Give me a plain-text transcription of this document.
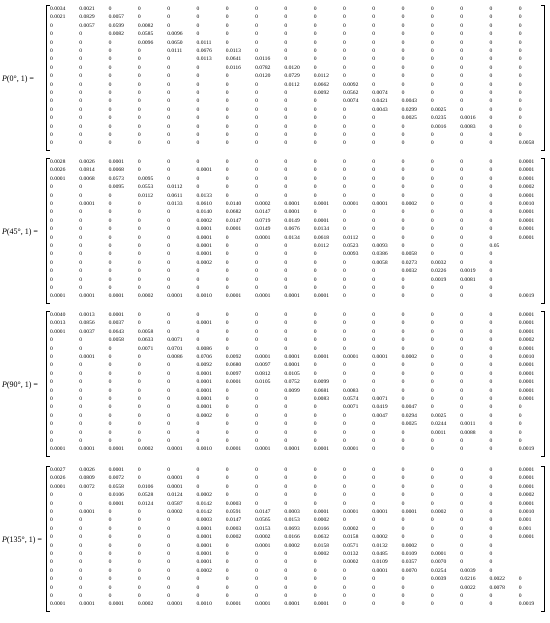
P(0°, 1) =
0.0034 0.0021 0	0	0	0	0	0	0	0	0	0	0	0	0	0	0
0.0021 0.0829 0.0057 0	0	0	0	0	0	0	0	0	0	0	0	0	0
0	0.0057 0.0599 0.0082 0	0	0	0	0	0	0	0	0	0	0	0	0
0	0	0.0082 0.0585 0.0096 0	0	0	0	0	0	0	0	0	0	0	0
0	0	0	0.0096 0.0650 0.0111	0	0	0	0	0	0	0	0	0	0	0
0	0	0	0	0.0111	0.0676 0.0113	0	0	0	0	0	0	0	0	0	0
0	0	0	0	0	0.0113	0.0641 0.0116	0	0	0	0	0	0	0	0	0
0	0	0	0	0	0	0.0116	0.0782 0.0120 0	0	0	0	0	0	0	0
0	0	0	0	0	0	0	0.0120 0.0729 0.0112	0	0	0	0	0	0	0
0	0	0	0	0	0	0	0	0.0112	0.0662 0.0092 0	0	0	0	0	0
0	0	0	0	0	0	0	0	0	0.0092 0.0562 0.0074 0	0	0	0	0
0	0	0	0	0	0	0	0	0	0	0.0074 0.0421 0.0043 0	0	0	0
0	0	0	0	0	0	0	0	0	0	0	0.0043 0.0299 0.0025 0	0	0
0	0	0	0	0	0	0	0	0	0	0	0	0.0025 0.0235 0.0016 0	0
0	0	0	0	0	0	0	0	0	0	0	0	0	0.0016 0.0083 0	0
0	0	0	0	0	0	0	0	0	0	0	0	0	0	0	0	0
0	0	0	0	0	0	0	0	0	0	0	0	0	0	0	0	0.0058
P(45°, 1) =
0.0028 0.0026 0.0001 0	0	0	0	0	0	0	0	0	0	0	0	0	0.0001
0.0026 0.0814 0.0068 0	0	0.0001 0	0	0	0	0	0	0	0	0	0	0.0001
0.0001 0.0068 0.0573 0.0095 0	0	0	0	0	0	0	0	0	0	0	0	0.0001
0	0	0.0095 0.0553 0.0112	0	0	0	0	0	0	0	0	0	0	0	0.0002
0	0	0	0.0112	0.0611	0.0133 0	0	0	0	0	0	0	0	0	0	0.0001
0	0.0001 0	0	0.0133 0.0610 0.0140 0.0002 0.0001 0.0001 0.0001 0.0001 0.0002 0	0	0	0.0010
0	0	0	0	0	0.0140 0.0682 0.0147 0.0001 0	0	0	0	0	0	0	0.0001
0	0	0	0	0	0.0002 0.0147 0.0719 0.0149 0.0001 0	0	0	0	0	0	0.0001
0	0	0	0	0	0.0001 0.0001 0.0149 0.0676 0.0134 0	0	0	0	0	0	0.0001
0	0	0	0	0	0.0001 0	0.0001 0.0134 0.0618 0.0112	0	0	0	0	0	0.0001
0	0	0	0	0	0.0001 0	0	0	0.0112	0.0523 0.0093 0	0	0	0.05
0	0	0	0	0	0.0001 0	0	0	0	0.0093 0.0386 0.0058 0	0	0
0	0	0	0	0	0.0002 0	0	0	0	0	0.0058 0.0273 0.0032 0	0
0	0	0	0	0	0	0	0	0	0	0	0	0.0032 0.0226 0.0019 0
0	0	0	0	0	0	0	0	0	0	0	0	0	0.0019 0.0081 0
0	0	0	0	0	0	0	0	0	0	0	0	0	0	0	0
0.0001 0.0001 0.0001 0.0002 0.0001 0.0010 0.0001 0.0001 0.0001 0.0001 0	0	0	0	0	0	0.0019
P(90°, 1) =
0.0040 0.0013 0.0001 0	0	0	0	0	0	0	0	0	0	0	0	0	0.0001
0.0013 0.0856 0.0037 0	0	0.0001 0	0	0	0	0	0	0	0	0	0	0.0001
0.0001 0.0037 0.0643 0.0058 0	0	0	0	0	0	0	0	0	0	0	0	0.0001
0	0	0.0058 0.0633 0.0071 0	0	0	0	0	0	0	0	0	0	0	0.0002
0	0	0	0.0071 0.0701 0.0086 0	0	0	0	0	0	0	0	0	0	0.0001
0	0.0001 0	0	0.0086 0.0706 0.0092 0.0001 0.0001 0.0001 0.0001 0.0001 0.0002 0	0	0	0.0010
0	0	0	0	0	0.0092 0.0680 0.0097 0.0001 0	0	0	0	0	0	0	0.0001
0	0	0	0	0	0.0001 0.0097 0.0812 0.0105 0	0	0	0	0	0	0	0.0001
0	0	0	0	0	0.0001 0.0001 0.0105 0.0752 0.0099 0	0	0	0	0	0	0.0001
0	0	0	0	0	0.0001 0	0	0.0099 0.0681 0.0083 0	0	0	0	0	0.0001
0	0	0	0	0	0.0001 0	0	0	0.0083 0.0574 0.0071 0	0	0	0	0.0001
0	0	0	0	0	0.0001 0	0	0	0	0.0071 0.0419 0.0047 0	0	0	0
0	0	0	0	0	0.0002 0	0	0	0	0	0.0047 0.0294 0.0025 0	0	0
0	0	0	0	0	0	0	0	0	0	0	0	0.0025 0.0244 0.0011	0	0
0	0	0	0	0	0	0	0	0	0	0	0	0	0.0011	0.0088 0	0
0	0	0	0	0	0	0	0	0	0	0	0	0	0	0	0	0
0.0001 0.0001 0.0001 0.0002 0.0001 0.0010 0.0001 0.0001 0.0001 0.0001 0.0001 0	0	0	0	0	0.0019
P(135°, 1) =
0.0027 0.0026 0.0001 0	0	0	0	0	0	0	0	0	0	0	0	0	0.0001
0.0026 0.0809 0.0072 0	0.0001 0	0	0	0	0	0	0	0	0	0	0	0.0001
0.0001 0.0072 0.0558 0.0106 0.0001 0	0	0	0	0	0	0	0	0	0	0	0.0001
0	0	0.0106 0.0528 0.0124 0.0002 0	0	0	0	0	0	0	0	0	0	0.0002
0	0	0.0001 0.0124 0.0587 0.0142 0.0003 0	0	0	0	0	0	0	0	0	0.0001
0	0.0001 0	0	0.0002 0.0142 0.0591 0.0147 0.0003 0.0001 0.0001 0.0001 0.0001 0.0002 0	0	0.0010
0	0	0	0	0	0.0003 0.0147 0.0565 0.0153 0.0002 0	0	0	0	0	0	0.001
0	0	0	0	0	0.0001 0.0003 0.0153 0.0693 0.0166 0.0002 0	0	0	0	0	0.001
0	0	0	0	0	0.0001 0.0002 0.0002 0.0166 0.0632 0.0158 0.0002 0	0	0	0	0.0001
0	0	0	0	0	0.0001 0	0.0001 0.0002 0.0158 0.0571 0.0132 0.0002 0	0	0
0	0	0	0	0	0.0001 0	0	0	0.0002 0.0132 0.0485 0.0109 0.0001 0	0
0	0	0	0	0	0.0001 0	0	0	0	0.0002 0.0109 0.0357 0.0070 0	0
0	0	0	0	0	0.0002 0	0	0	0	0	0.0001 0.0070 0.0254 0.0039 0
0	0	0	0	0	0	0	0	0	0	0	0	0	0.0039 0.0216 0.0022 0
0	0	0	0	0	0	0	0	0	0	0	0	0	0	0.0022 0.0078 0
0	0	0	0	0	0	0	0	0	0	0	0	0	0	0	0	0
0.0001 0.0001 0.0001 0.0002 0.0001 0.0010 0.0001 0.0001 0.0001 0.0001 0	0	0	0	0	0	0.0019
